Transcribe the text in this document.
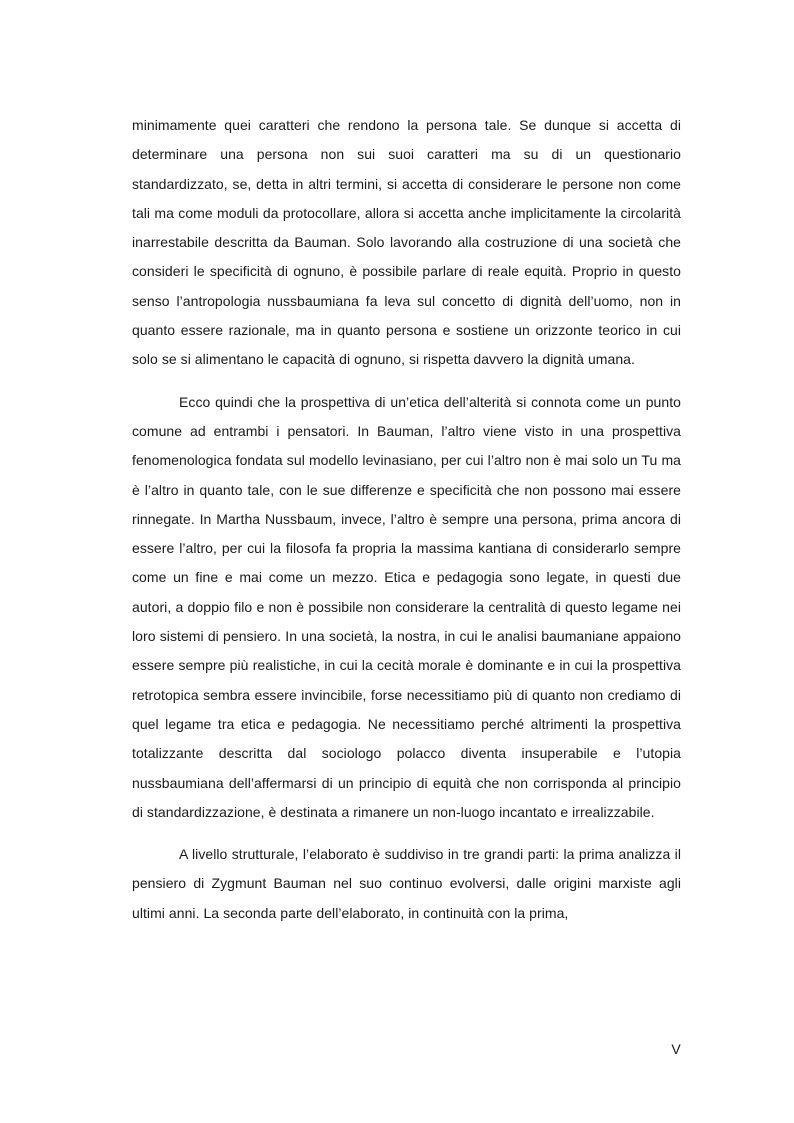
minimamente quei caratteri che rendono la persona tale. Se dunque si accetta di determinare una persona non sui suoi caratteri ma su di un questionario standardizzato, se, detta in altri termini, si accetta di considerare le persone non come tali ma come moduli da protocollare, allora si accetta anche implicitamente la circolarità inarrestabile descritta da Bauman. Solo lavorando alla costruzione di una società che consideri le specificità di ognuno, è possibile parlare di reale equità. Proprio in questo senso l’antropologia nussbaumiana fa leva sul concetto di dignità dell’uomo, non in quanto essere razionale, ma in quanto persona e sostiene un orizzonte teorico in cui solo se si alimentano le capacità di ognuno, si rispetta davvero la dignità umana.

Ecco quindi che la prospettiva di un’etica dell’alterità si connota come un punto comune ad entrambi i pensatori. In Bauman, l’altro viene visto in una prospettiva fenomenologica fondata sul modello levinasiano, per cui l’altro non è mai solo un Tu ma è l’altro in quanto tale, con le sue differenze e specificità che non possono mai essere rinnegate. In Martha Nussbaum, invece, l’altro è sempre una persona, prima ancora di essere l’altro, per cui la filosofa fa propria la massima kantiana di considerarlo sempre come un fine e mai come un mezzo. Etica e pedagogia sono legate, in questi due autori, a doppio filo e non è possibile non considerare la centralità di questo legame nei loro sistemi di pensiero. In una società, la nostra, in cui le analisi baumaniane appaiono essere sempre più realistiche, in cui la cecità morale è dominante e in cui la prospettiva retrotopica sembra essere invincibile, forse necessitiamo più di quanto non crediamo di quel legame tra etica e pedagogia. Ne necessitiamo perché altrimenti la prospettiva totalizzante descritta dal sociologo polacco diventa insuperabile e l’utopia nussbaumiana dell’affermarsi di un principio di equità che non corrisponda al principio di standardizzazione, è destinata a rimanere un non-luogo incantato e irrealizzabile.

A livello strutturale, l’elaborato è suddiviso in tre grandi parti: la prima analizza il pensiero di Zygmunt Bauman nel suo continuo evolversi, dalle origini marxiste agli ultimi anni. La seconda parte dell’elaborato, in continuità con la prima,

V
